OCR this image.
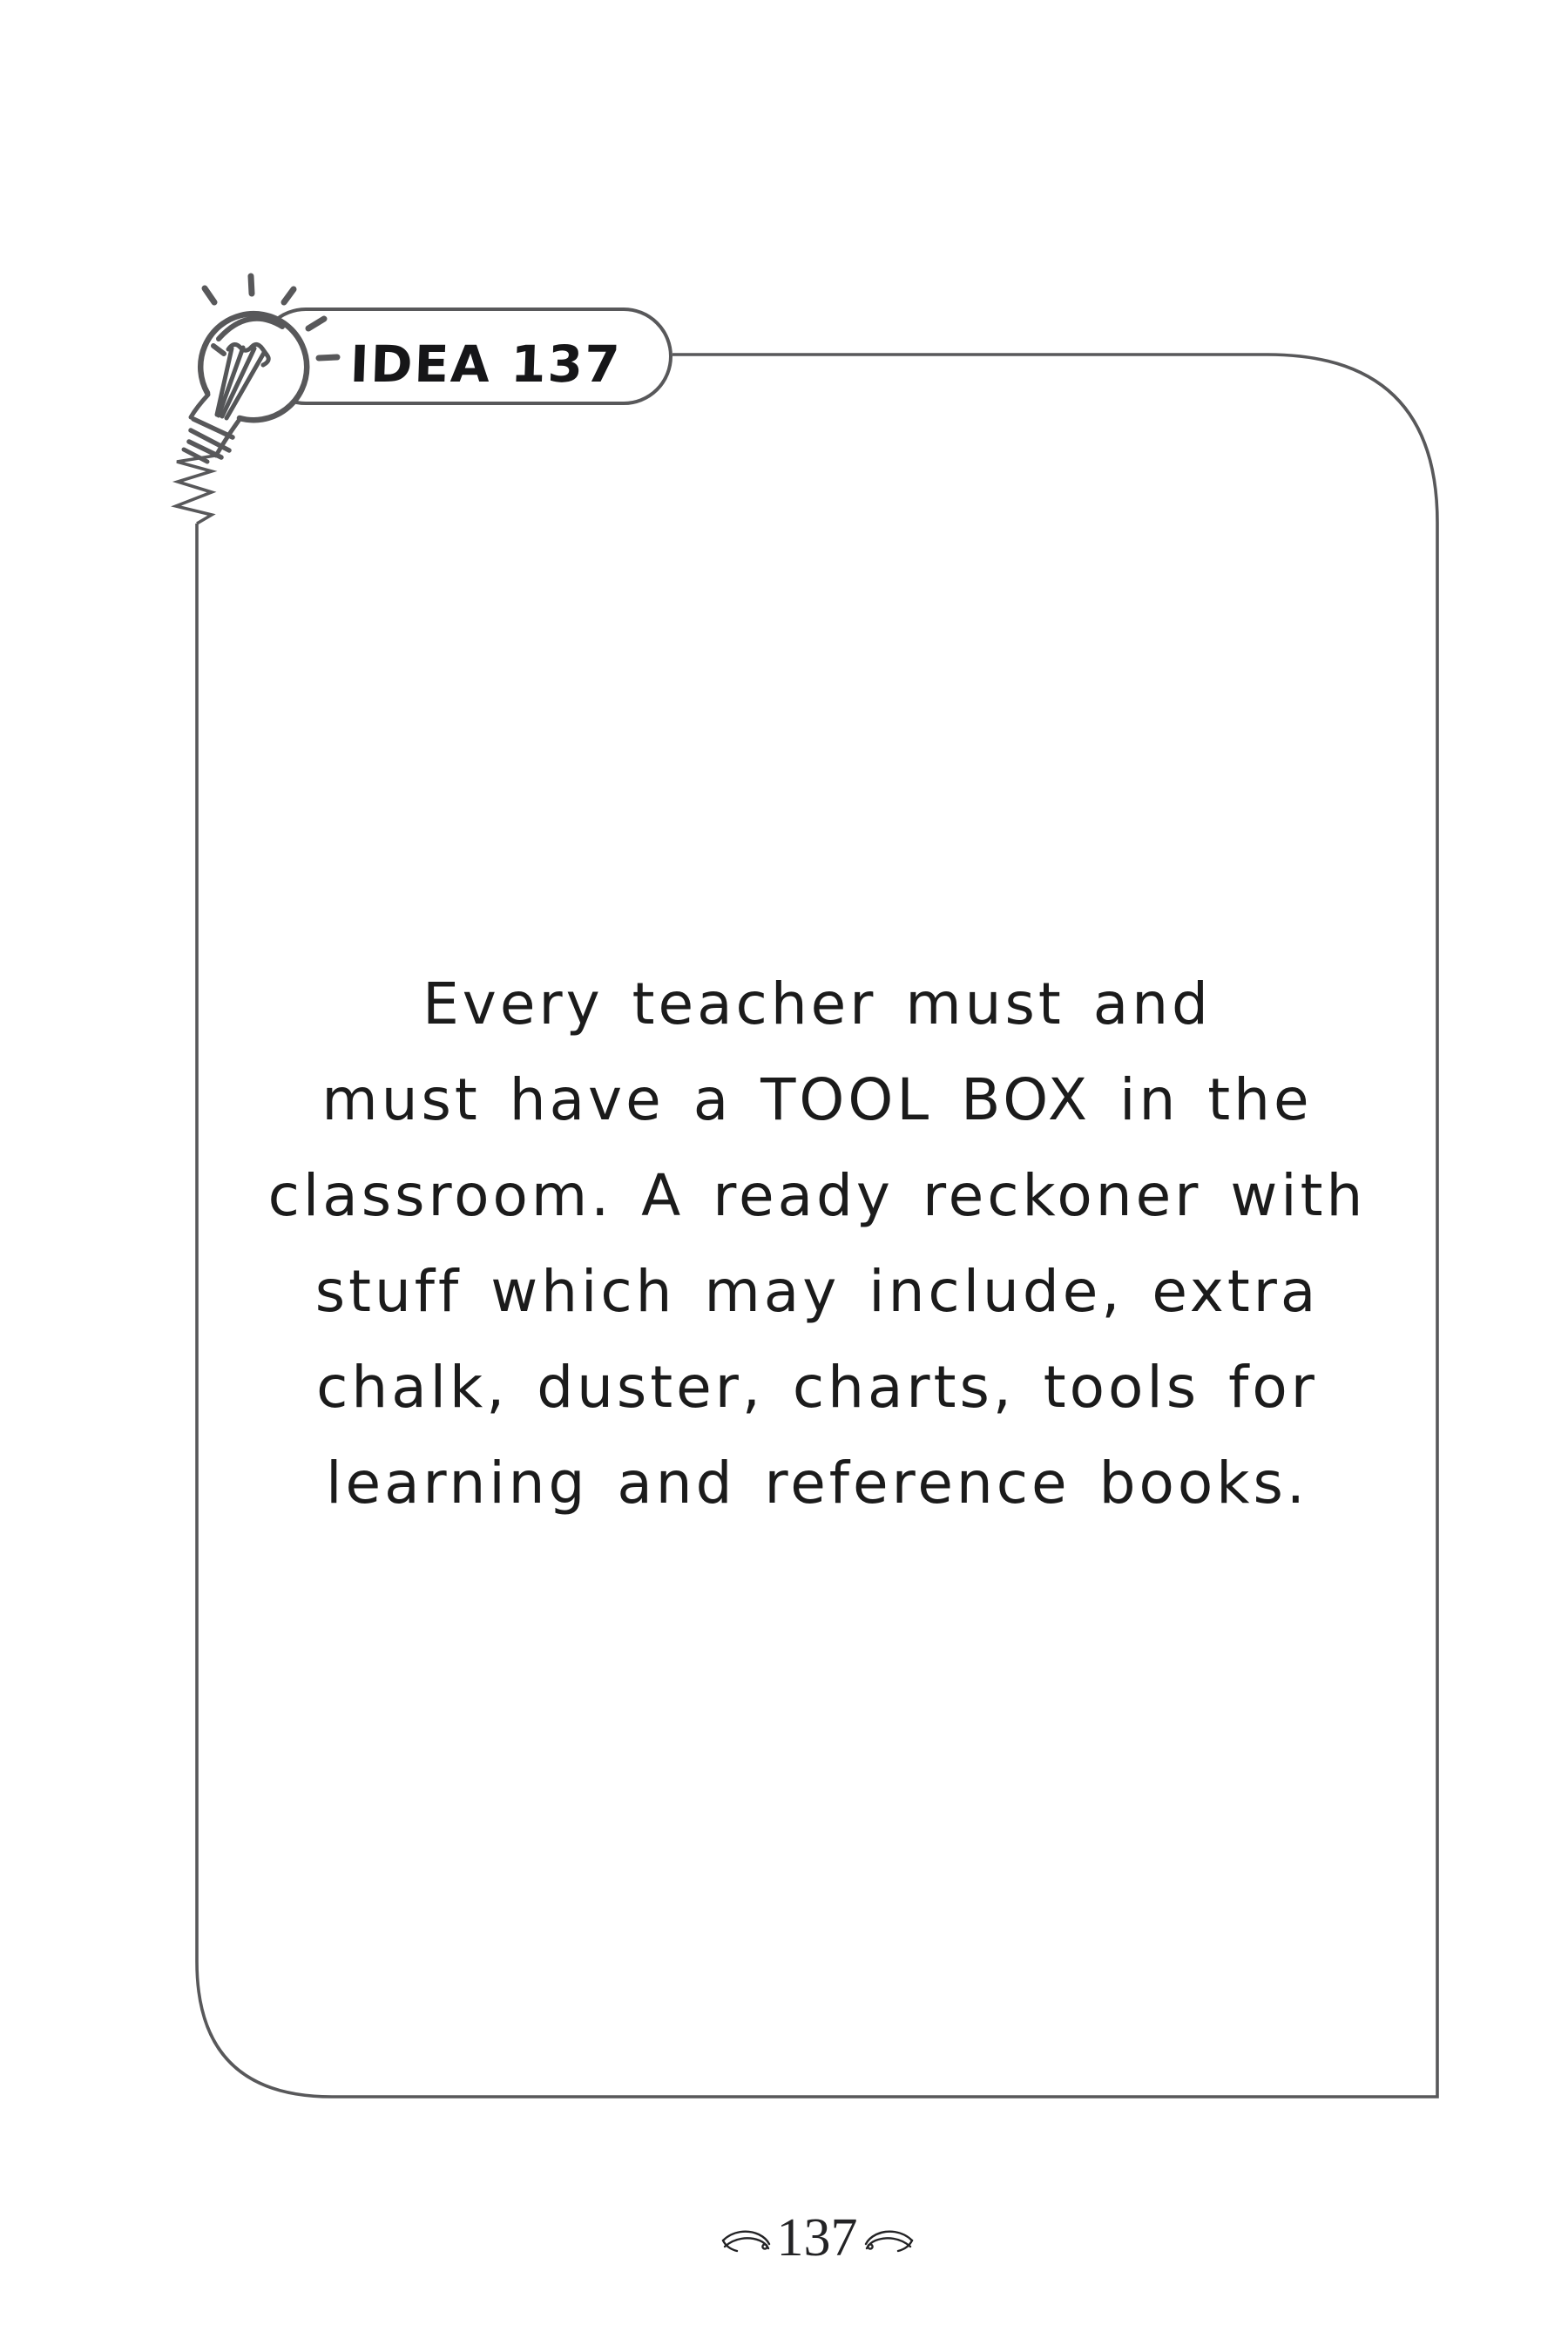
IDEA 137
Every teacher must and
must have a TOOL BOX in the
classroom. A ready reckoner with
stuff which may include, extra
chalk, duster, charts, tools for
learning and reference books.
137
